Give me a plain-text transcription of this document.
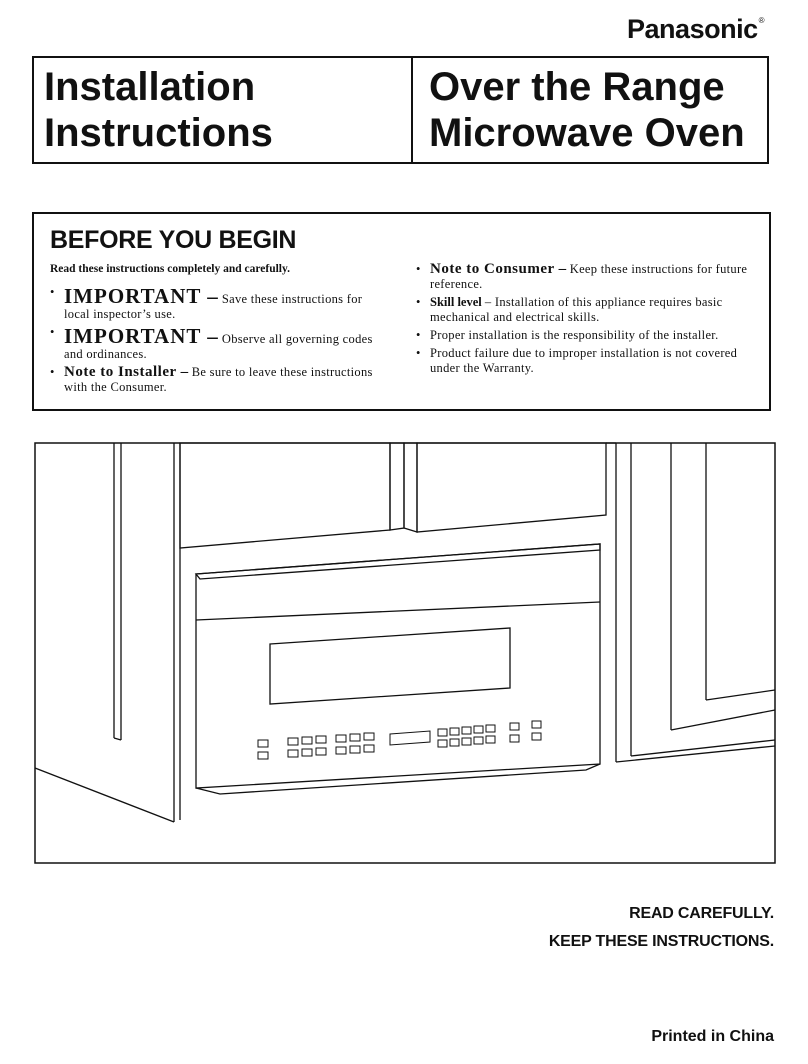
Panasonic®
Installation
Instructions
Over the Range
Microwave Oven
BEFORE YOU BEGIN
Read these instructions completely and carefully.
• IMPORTANT – Save these instructions for local inspector’s use.
• IMPORTANT – Observe all governing codes and ordinances.
• Note to Installer – Be sure to leave these instructions with the Consumer.
• Note to Consumer – Keep these instructions for future reference.
• Skill level – Installation of this appliance requires basic mechanical and electrical skills.
• Proper installation is the responsibility of the installer.
• Product failure due to improper installation is not covered under the Warranty.
READ CAREFULLY.
KEEP THESE INSTRUCTIONS.
Printed in China
